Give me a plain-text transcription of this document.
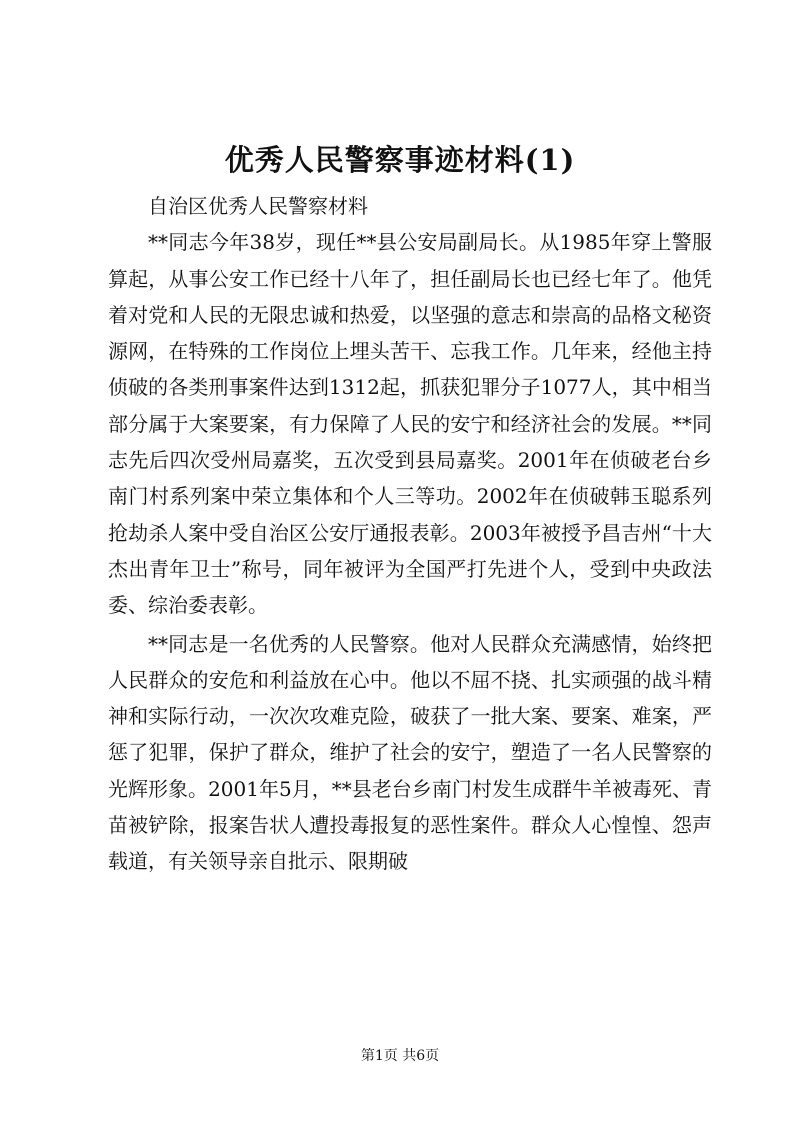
优秀人民警察事迹材料(1)

自治区优秀人民警察材料

**同志今年38岁，现任**县公安局副局长。从1985年穿上警服算起，从事公安工作已经十八年了，担任副局长也已经七年了。他凭着对党和人民的无限忠诚和热爱，以坚强的意志和崇高的品格文秘资源网，在特殊的工作岗位上埋头苦干、忘我工作。几年来，经他主持侦破的各类刑事案件达到1312起，抓获犯罪分子1077人，其中相当部分属于大案要案，有力保障了人民的安宁和经济社会的发展。**同志先后四次受州局嘉奖，五次受到县局嘉奖。2001年在侦破老台乡南门村系列案中荣立集体和个人三等功。2002年在侦破韩玉聪系列抢劫杀人案中受自治区公安厅通报表彰。2003年被授予昌吉州“十大杰出青年卫士”称号，同年被评为全国严打先进个人，受到中央政法委、综治委表彰。

**同志是一名优秀的人民警察。他对人民群众充满感情，始终把人民群众的安危和利益放在心中。他以不屈不挠、扎实顽强的战斗精神和实际行动，一次次攻难克险，破获了一批大案、要案、难案，严惩了犯罪，保护了群众，维护了社会的安宁，塑造了一名人民警察的光辉形象。2001年5月，**县老台乡南门村发生成群牛羊被毒死、青苗被铲除，报案告状人遭投毒报复的恶性案件。群众人心惶惶、怨声载道，有关领导亲自批示、限期破

第1页 共6页
